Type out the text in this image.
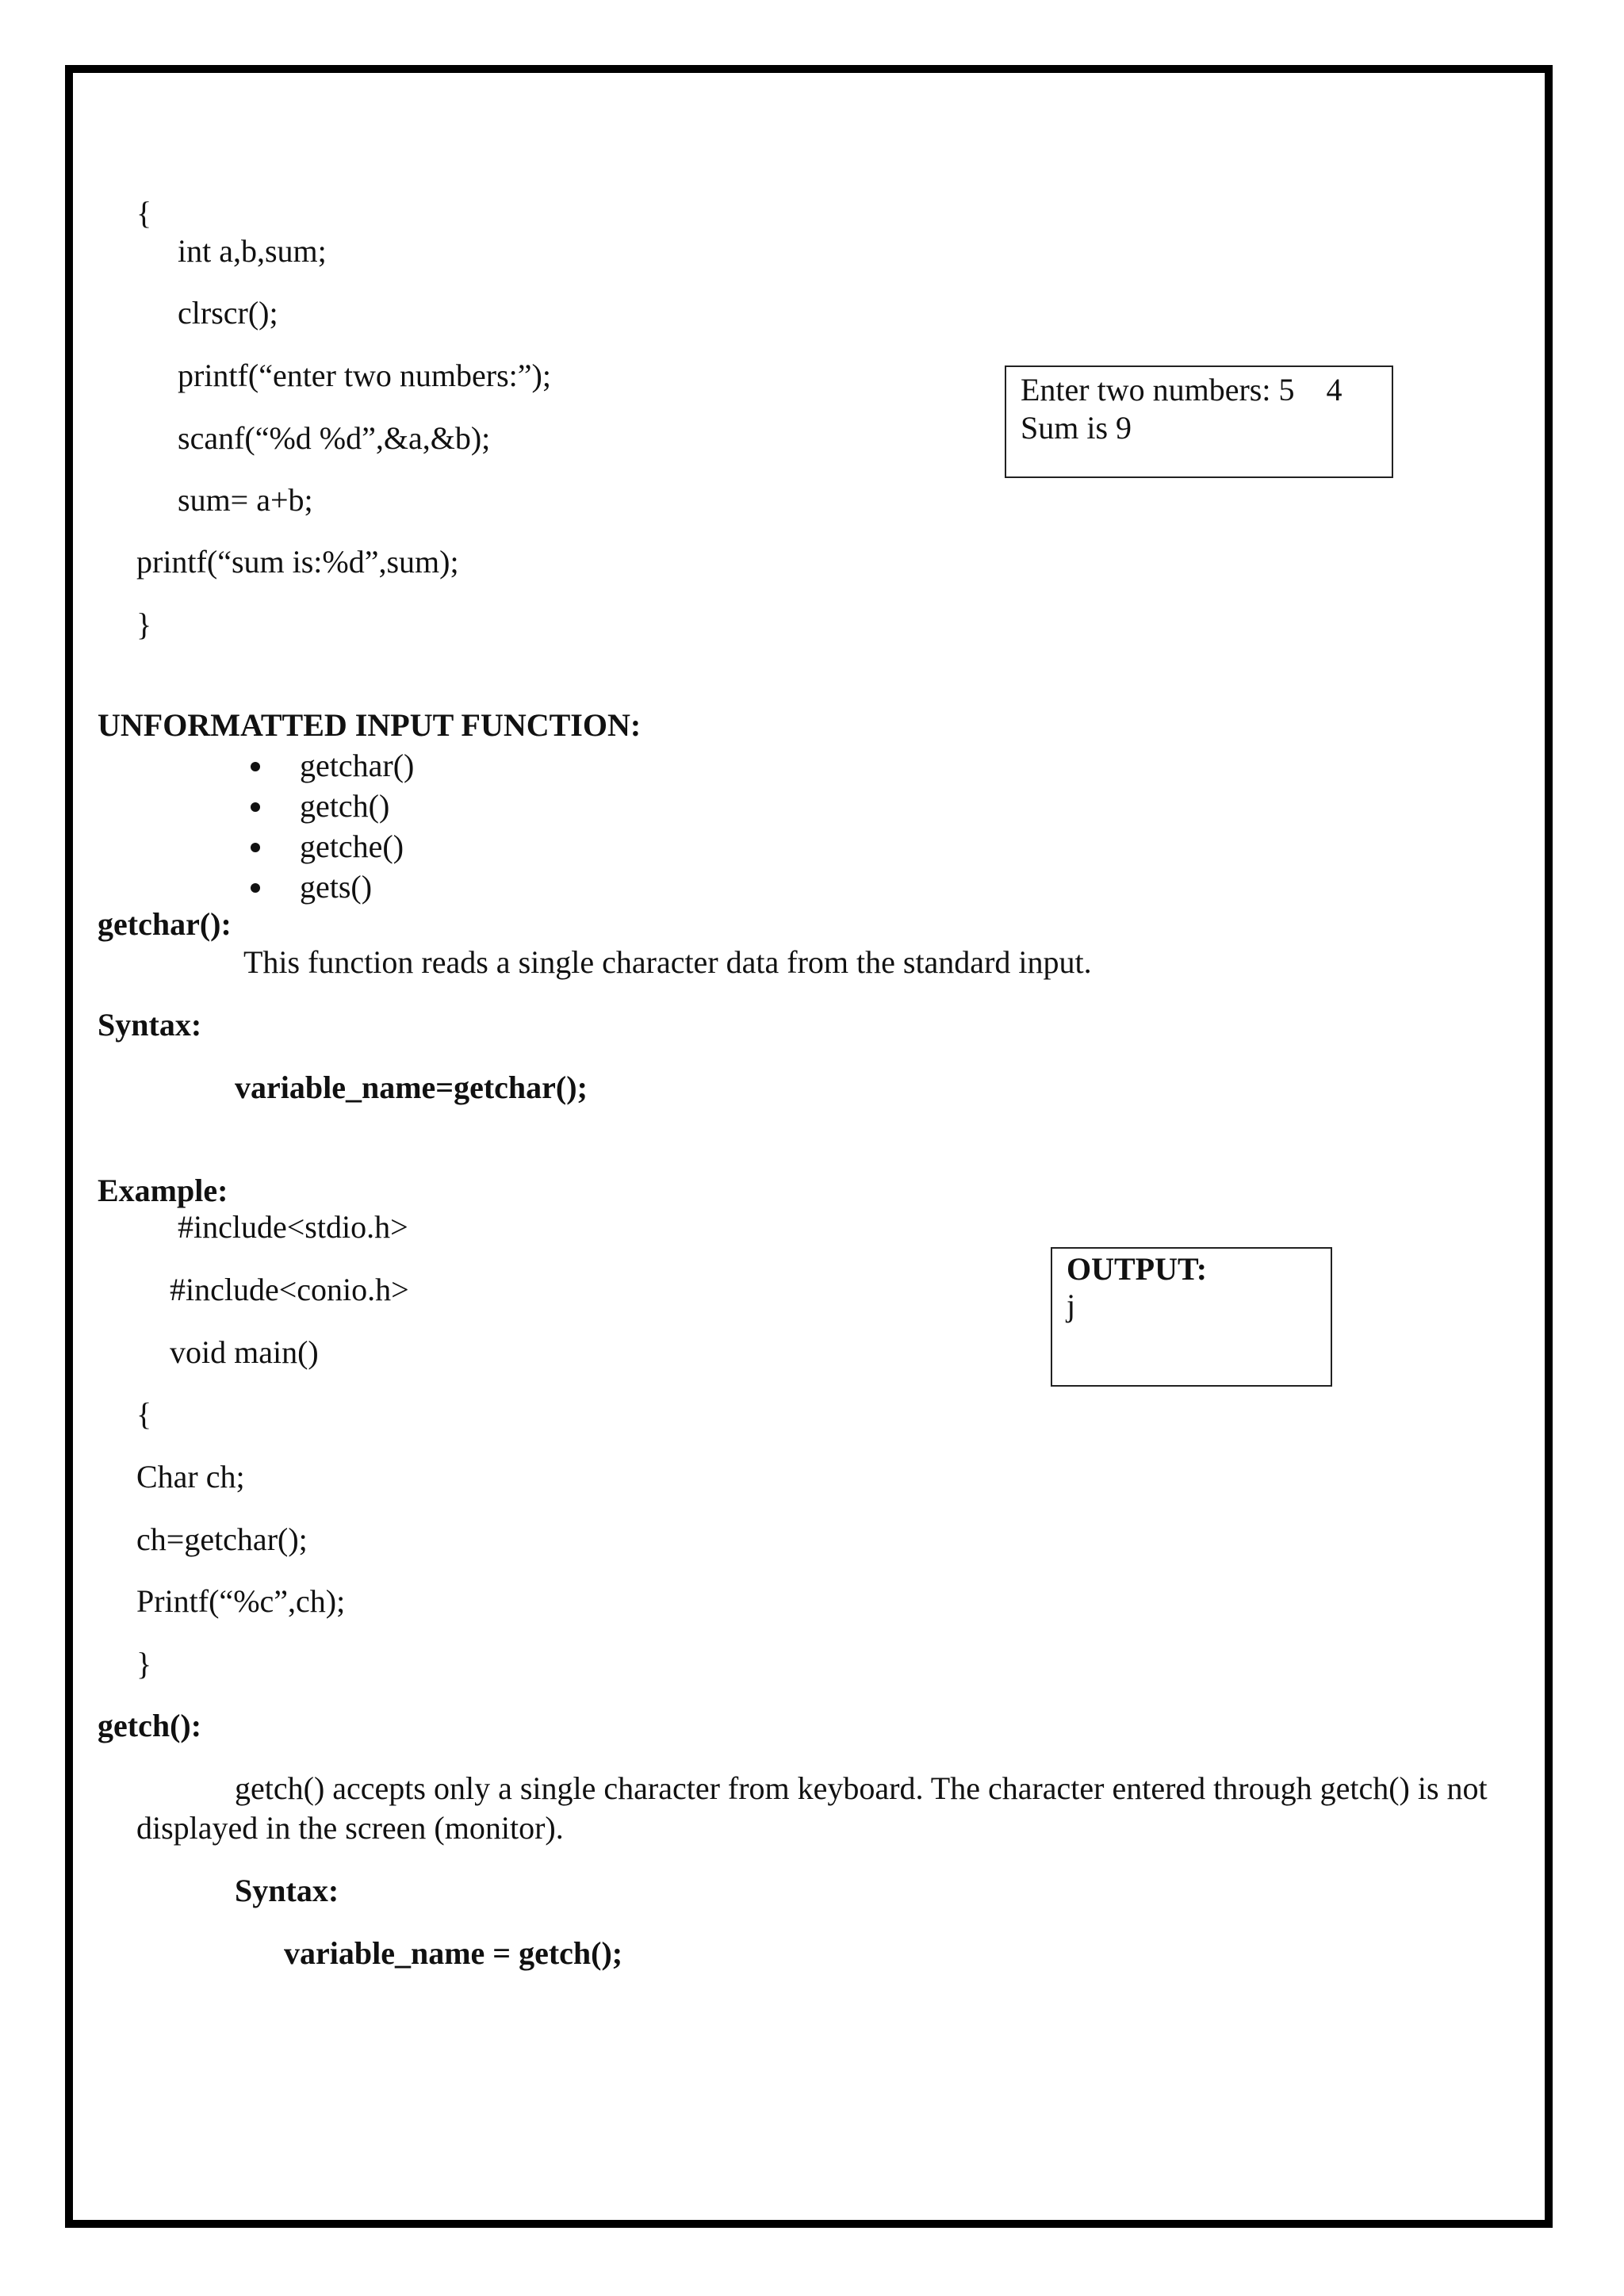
{
int a,b,sum;
clrscr();
printf(“enter two numbers:”);
scanf(“%d %d”,&a,&b);
sum= a+b;
printf(“sum is:%d”,sum);
}
Enter two numbers: 5    4
Sum is 9
UNFORMATTED INPUT FUNCTION:
getchar()
getch()
getche()
gets()
getchar():
This function reads a single character data from the standard input.
Syntax:
variable_name=getchar();
Example:
#include<stdio.h>
#include<conio.h>
void main()
{
Char ch;
ch=getchar();
Printf(“%c”,ch);
}
OUTPUT:
j
getch():
getch() accepts only a single character from keyboard. The character entered through getch() is not
displayed in the screen (monitor).
Syntax:
variable_name = getch();
